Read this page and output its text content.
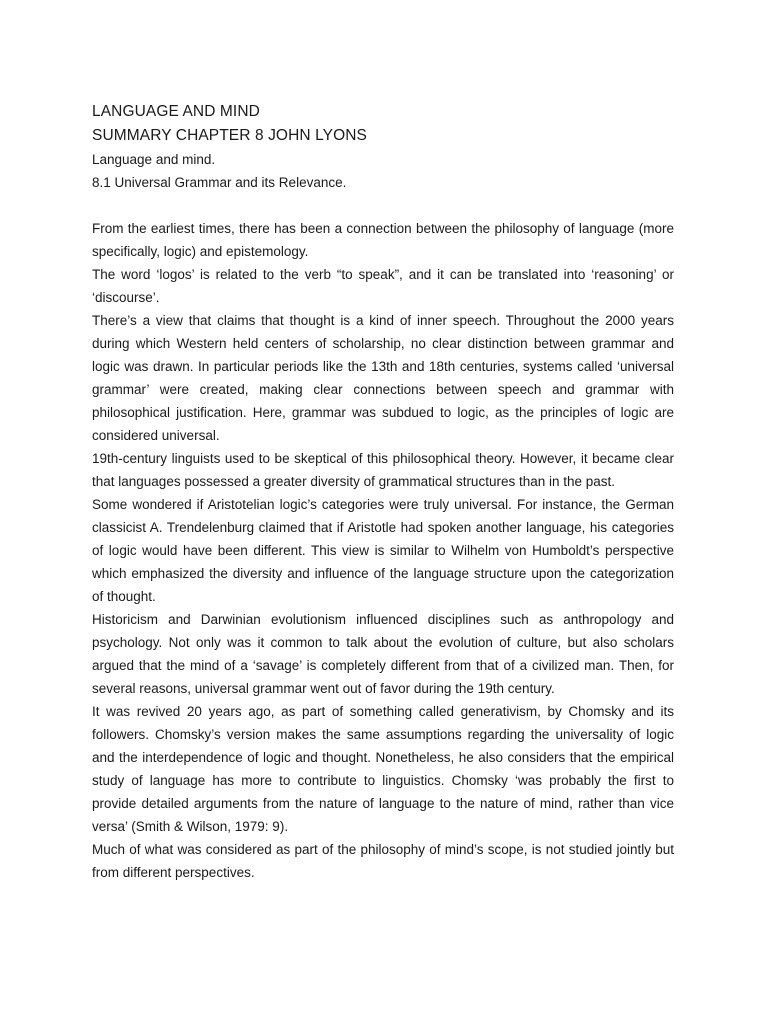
LANGUAGE AND MIND

SUMMARY CHAPTER 8 JOHN LYONS

Language and mind.

8.1 Universal Grammar and its Relevance.

From the earliest times, there has been a connection between the philosophy of language (more specifically, logic) and epistemology.

The word ‘logos’ is related to the verb “to speak”, and it can be translated into ‘reasoning’ or ‘discourse’.

There’s a view that claims that thought is a kind of inner speech. Throughout the 2000 years during which Western held centers of scholarship, no clear distinction between grammar and logic was drawn. In particular periods like the 13th and 18th centuries, systems called ‘universal grammar’ were created, making clear connections between speech and grammar with philosophical justification. Here, grammar was subdued to logic, as the principles of logic are considered universal.

19th-century linguists used to be skeptical of this philosophical theory. However, it became clear that languages possessed a greater diversity of grammatical structures than in the past.

Some wondered if Aristotelian logic’s categories were truly universal. For instance, the German classicist A. Trendelenburg claimed that if Aristotle had spoken another language, his categories of logic would have been different. This view is similar to Wilhelm von Humboldt’s perspective which emphasized the diversity and influence of the language structure upon the categorization of thought.

Historicism and Darwinian evolutionism influenced disciplines such as anthropology and psychology. Not only was it common to talk about the evolution of culture, but also scholars argued that the mind of a ‘savage’ is completely different from that of a civilized man. Then, for several reasons, universal grammar went out of favor during the 19th century.

It was revived 20 years ago, as part of something called generativism, by Chomsky and its followers. Chomsky’s version makes the same assumptions regarding the universality of logic and the interdependence of logic and thought. Nonetheless, he also considers that the empirical study of language has more to contribute to linguistics. Chomsky ‘was probably the first to provide detailed arguments from the nature of language to the nature of mind, rather than vice versa’ (Smith & Wilson, 1979: 9).

Much of what was considered as part of the philosophy of mind’s scope, is not studied jointly but from different perspectives.
